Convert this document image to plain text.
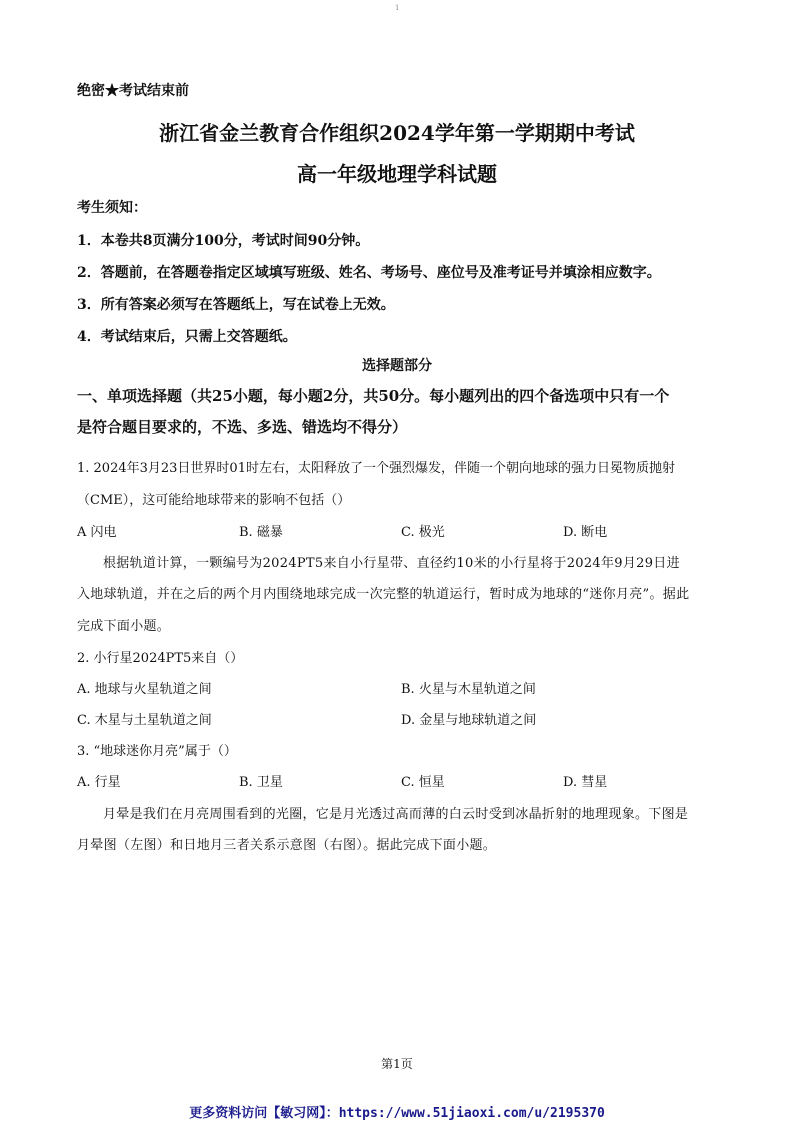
1
绝密★考试结束前
浙江省金兰教育合作组织2024学年第一学期期中考试
高一年级地理学科试题
考生须知：
1．本卷共8页满分100分，考试时间90分钟。
2．答题前，在答题卷指定区域填写班级、姓名、考场号、座位号及准考证号并填涂相应数字。
3．所有答案必须写在答题纸上，写在试卷上无效。
4．考试结束后，只需上交答题纸。
选择题部分
一、单项选择题（共25小题，每小题2分，共50分。每小题列出的四个备选项中只有一个
是符合题目要求的，不选、多选、错选均不得分）
1. 2024年3月23日世界时01时左右，太阳释放了一个强烈爆发，伴随一个朝向地球的强力日冕物质抛射
（CME），这可能给地球带来的影响不包括（）
A 闪电	B. 磁暴	C. 极光	D. 断电
根据轨道计算，一颗编号为2024PT5来自小行星带、直径约10米的小行星将于2024年9月29日进
入地球轨道，并在之后的两个月内围绕地球完成一次完整的轨道运行，暂时成为地球的“迷你月亮”。据此
完成下面小题。
2. 小行星2024PT5来自（）
A. 地球与火星轨道之间	B. 火星与木星轨道之间
C. 木星与土星轨道之间	D. 金星与地球轨道之间
3. “地球迷你月亮”属于（）
A. 行星	B. 卫星	C. 恒星	D. 彗星
月晕是我们在月亮周围看到的光圈，它是月光透过高而薄的白云时受到冰晶折射的地理现象。下图是
月晕图（左图）和日地月三者关系示意图（右图）。据此完成下面小题。
第1页
更多资料访问【敏习网】：https://www.51jiaoxi.com/u/2195370
